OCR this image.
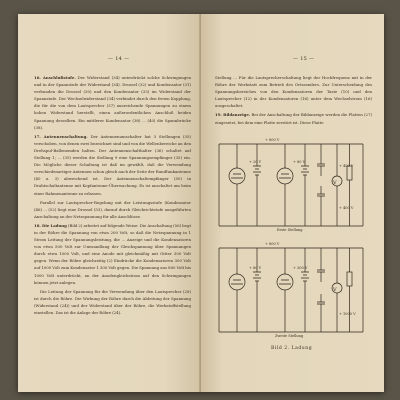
— 14 —

16. Anschlußstufe. Der Widerstand (34) unterdrückt solche Schwingungen und in der Spannstufe der Widerstand (34). Drossel (32) und Kondensator (31) verbunden die Drossel (30) und den Kondensator (33) im Widerstand der Spannstufe. Der Wechselwiderstand (34) verbindet durch den freien Kopplung, die für die von dem Lautsprecher (37) ausreichende Spannungen zu einem hohen Widerstand herstellt, einen außerordentlichen Anschluß beiden Spannung desselben. Ein mittlerer Kondensator (38) ... (40) die Spannbrücke (38).

17. Antennenschaltung. Der Antennenumschalter hat 3 Stellungen (35) verschoben, von denen zwei bezeichnet sind und von die Wellenbereiche an den Drehspul-Ballenemden halten. Der Antennenschalthalter (36) schaltet auf Stellung 1; ... (35) werden die Stellung 9 eine Spannungsempfänger (35) ein. Die Mögliche dieser Schaltung ist daß im gewählt, daß die Verwendung verschiedenartiger Antennen schon gleich nach der Seite der Rundfunkantenne (40 u. 3) abweichend ist. Der Antennenschaltempfänger (50) in Drahtschaltantenne mit Kopfantenne-Überwachung. Es ist anschaltet um beim einer Rahmenantenne zu erlassen.

Parallel zur Lautsprecher-Regelung mit der Leistungsstufe (Kondensator (46) ... (52) liegt eine Drossel (53), darauf durch Gleichrichtstufe ausgeführten Anschaltung an der Netzspannung für alle Anschlüsse.

18. Die Ladung (Bild 2) arbeitet auf folgende Weise: Die Anschaltung (56) liegt in der Röhre die Spannung von etwa 200 Volt, so daß die Netzspannung in 1 Strom Leitung der Spannungsleistung, die ... Anzeige und die Kondensatoren von etwa 500 Volt zur Umwandlung der Gleichspannung über Spannungen durch etwa 1000 Volt, und eine Anode mit gleichmäßig mit Gitter 300 Volt gegen. Wenn der Röhre gleichzeitig (2) Eindrücke die Kondensatoren 300 Volt auf 1000 Volt zum Kondensator 1 300 Volt gegen. Die Spannung aus 800 Volt bis 1000 Volt unterdrückt, an der Anodengleichstrom auf den Schwingungen können jetzt anlegen.

Die Leitung der Spannung für die Verwendung über den Lautsprecher (28) ist durch die Röhre. Die Wirkung der Röhre durch die Ableitung der Spannung (Widerstand (24)) und der Widerstand über der Röhre, die Werkstoffstellung einstellen. Das ist die Anlage der Röhre (24).

— 15 —

Stellung ... Für die Lautsprecherschaltung liegt der Hochfrequenz mit in der Röhre der Werkstatt zum Betrieb des Ortssenders. Zur Unterscheidung des Spannungsbereiches von den Kondensatoren der Taste (10) und den Lautsprecher (12) in der Kondensatoren (16) unter dem Wechselstrom (16) ausgeschaltet.

19. Bildanzeige. Bei der Anschaltung der Bildanzeige werden die Platten (27) eingesetzt, bei dem eine Platte zerstört ist. Diese Platte

V
+ 800 V
+ 20 V	+ 80 V
+ 400 V
+ 400 V
Erste Stellung
V
+ 800 V
+ 80 V	+ 300 V
+ 1000 V
Zweite Stellung
Bild 2. Ladung
